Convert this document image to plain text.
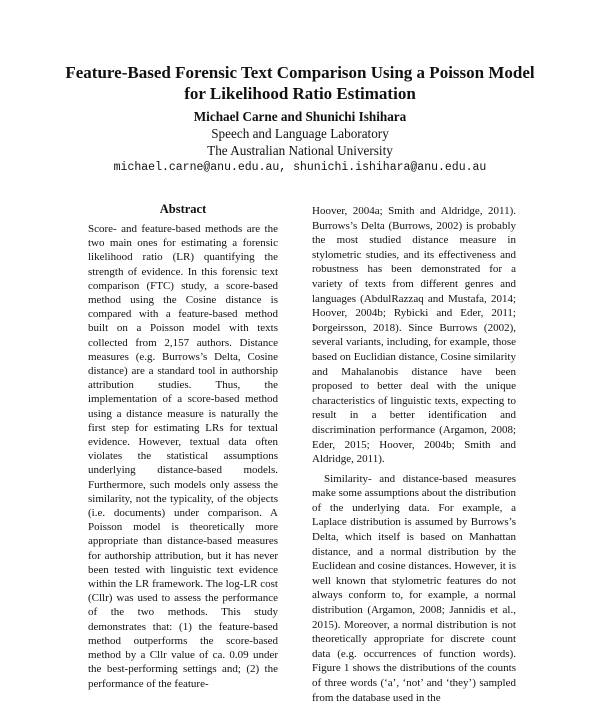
Feature-Based Forensic Text Comparison Using a Poisson Model
for Likelihood Ratio Estimation
Michael Carne and Shunichi Ishihara
Speech and Language Laboratory
The Australian National University
michael.carne@anu.edu.au, shunichi.ishihara@anu.edu.au
Abstract

Score- and feature-based methods are the two main ones for estimating a forensic likelihood ratio (LR) quantifying the strength of evidence. In this forensic text comparison (FTC) study, a score-based method using the Cosine distance is compared with a feature-based method built on a Poisson model with texts collected from 2,157 authors. Distance measures (e.g. Burrows’s Delta, Cosine distance) are a standard tool in authorship attribution studies. Thus, the implementation of a score-based method using a distance measure is naturally the first step for estimating LRs for textual evidence. However, textual data often violates the statistical assumptions underlying distance-based models. Furthermore, such models only assess the similarity, not the typicality, of the objects (i.e. documents) under comparison. A Poisson model is theoretically more appropriate than distance-based measures for authorship attribution, but it has never been tested with linguistic text evidence within the LR framework. The log-LR cost (Cllr) was used to assess the performance of the two methods. This study demonstrates that: (1) the feature-based method outperforms the score-based method by a Cllr value of ca. 0.09 under the best-performing settings and; (2) the performance of the feature-

Hoover, 2004a; Smith and Aldridge, 2011). Burrows’s Delta (Burrows, 2002) is probably the most studied distance measure in stylometric studies, and its effectiveness and robustness has been demonstrated for a variety of texts from different genres and languages (AbdulRazzaq and Mustafa, 2014; Hoover, 2004b; Rybicki and Eder, 2011; Þorgeirsson, 2018). Since Burrows (2002), several variants, including, for example, those based on Euclidian distance, Cosine similarity and Mahalanobis distance have been proposed to better deal with the unique characteristics of linguistic texts, expecting to result in a better identification and discrimination performance (Argamon, 2008; Eder, 2015; Hoover, 2004b; Smith and Aldridge, 2011).

Similarity- and distance-based measures make some assumptions about the distribution of the underlying data. For example, a Laplace distribution is assumed by Burrows’s Delta, which itself is based on Manhattan distance, and a normal distribution by the Euclidean and cosine distances. However, it is well known that stylometric features do not always conform to, for example, a normal distribution (Argamon, 2008; Jannidis et al., 2015). Moreover, a normal distribution is not theoretically appropriate for discrete count data (e.g. occurrences of function words). Figure 1 shows the distributions of the counts of three words (‘a’, ‘not’ and ‘they’) sampled from the database used in the
